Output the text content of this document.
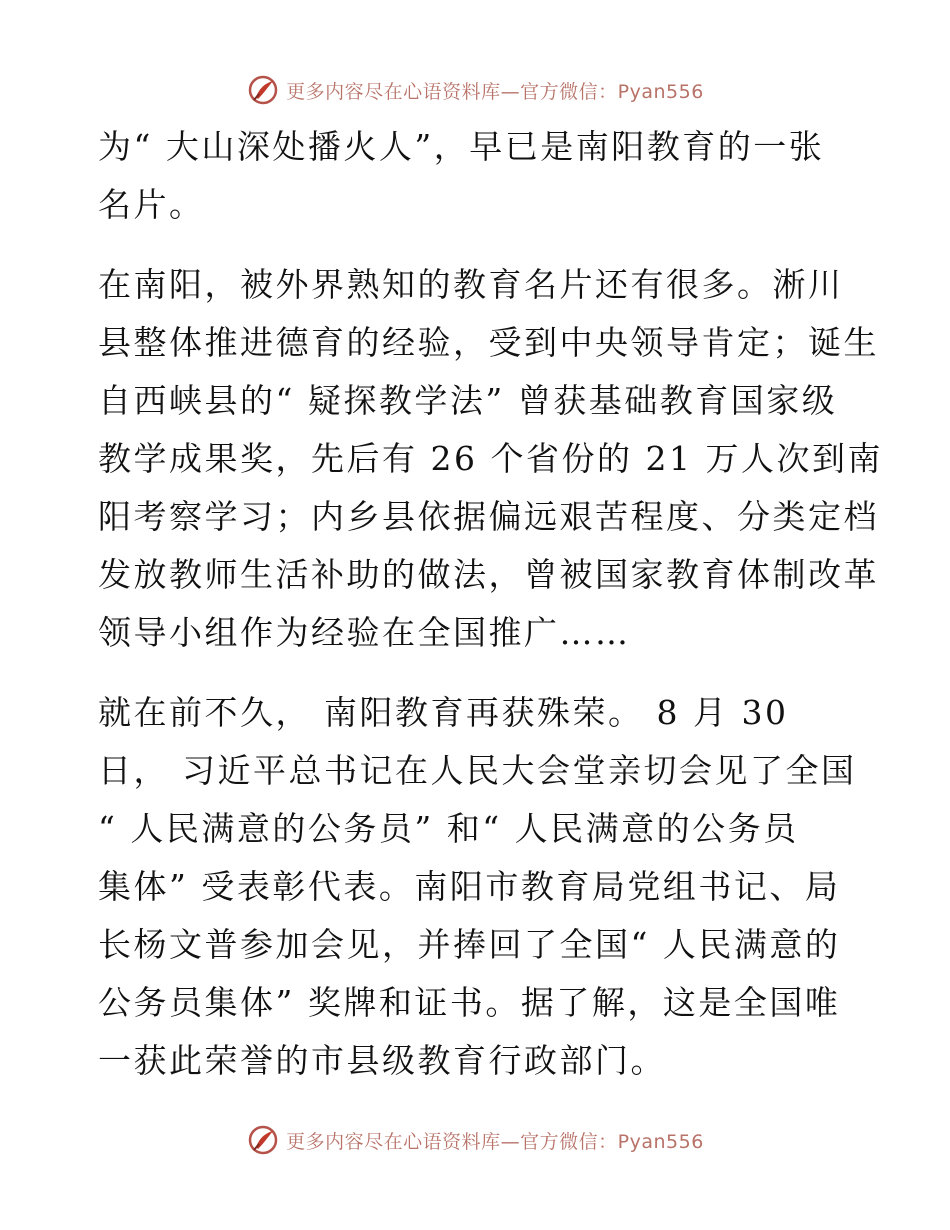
更多内容尽在心语资料库—官方微信：Pyan556
为“ 大山深处播火人”，早已是南阳教育的一张
名片。
在南阳，被外界熟知的教育名片还有很多。淅川
县整体推进德育的经验，受到中央领导肯定；诞生
自西峡县的“ 疑探教学法” 曾获基础教育国家级
教学成果奖，先后有 26 个省份的 21 万人次到南
阳考察学习；内乡县依据偏远艰苦程度、分类定档
发放教师生活补助的做法，曾被国家教育体制改革
领导小组作为经验在全国推广……
就在前不久， 南阳教育再获殊荣。 8 月 30
日， 习近平总书记在人民大会堂亲切会见了全国
“ 人民满意的公务员” 和“ 人民满意的公务员
集体” 受表彰代表。南阳市教育局党组书记、局
长杨文普参加会见，并捧回了全国“ 人民满意的
公务员集体” 奖牌和证书。据了解，这是全国唯
一获此荣誉的市县级教育行政部门。
更多内容尽在心语资料库—官方微信：Pyan556
